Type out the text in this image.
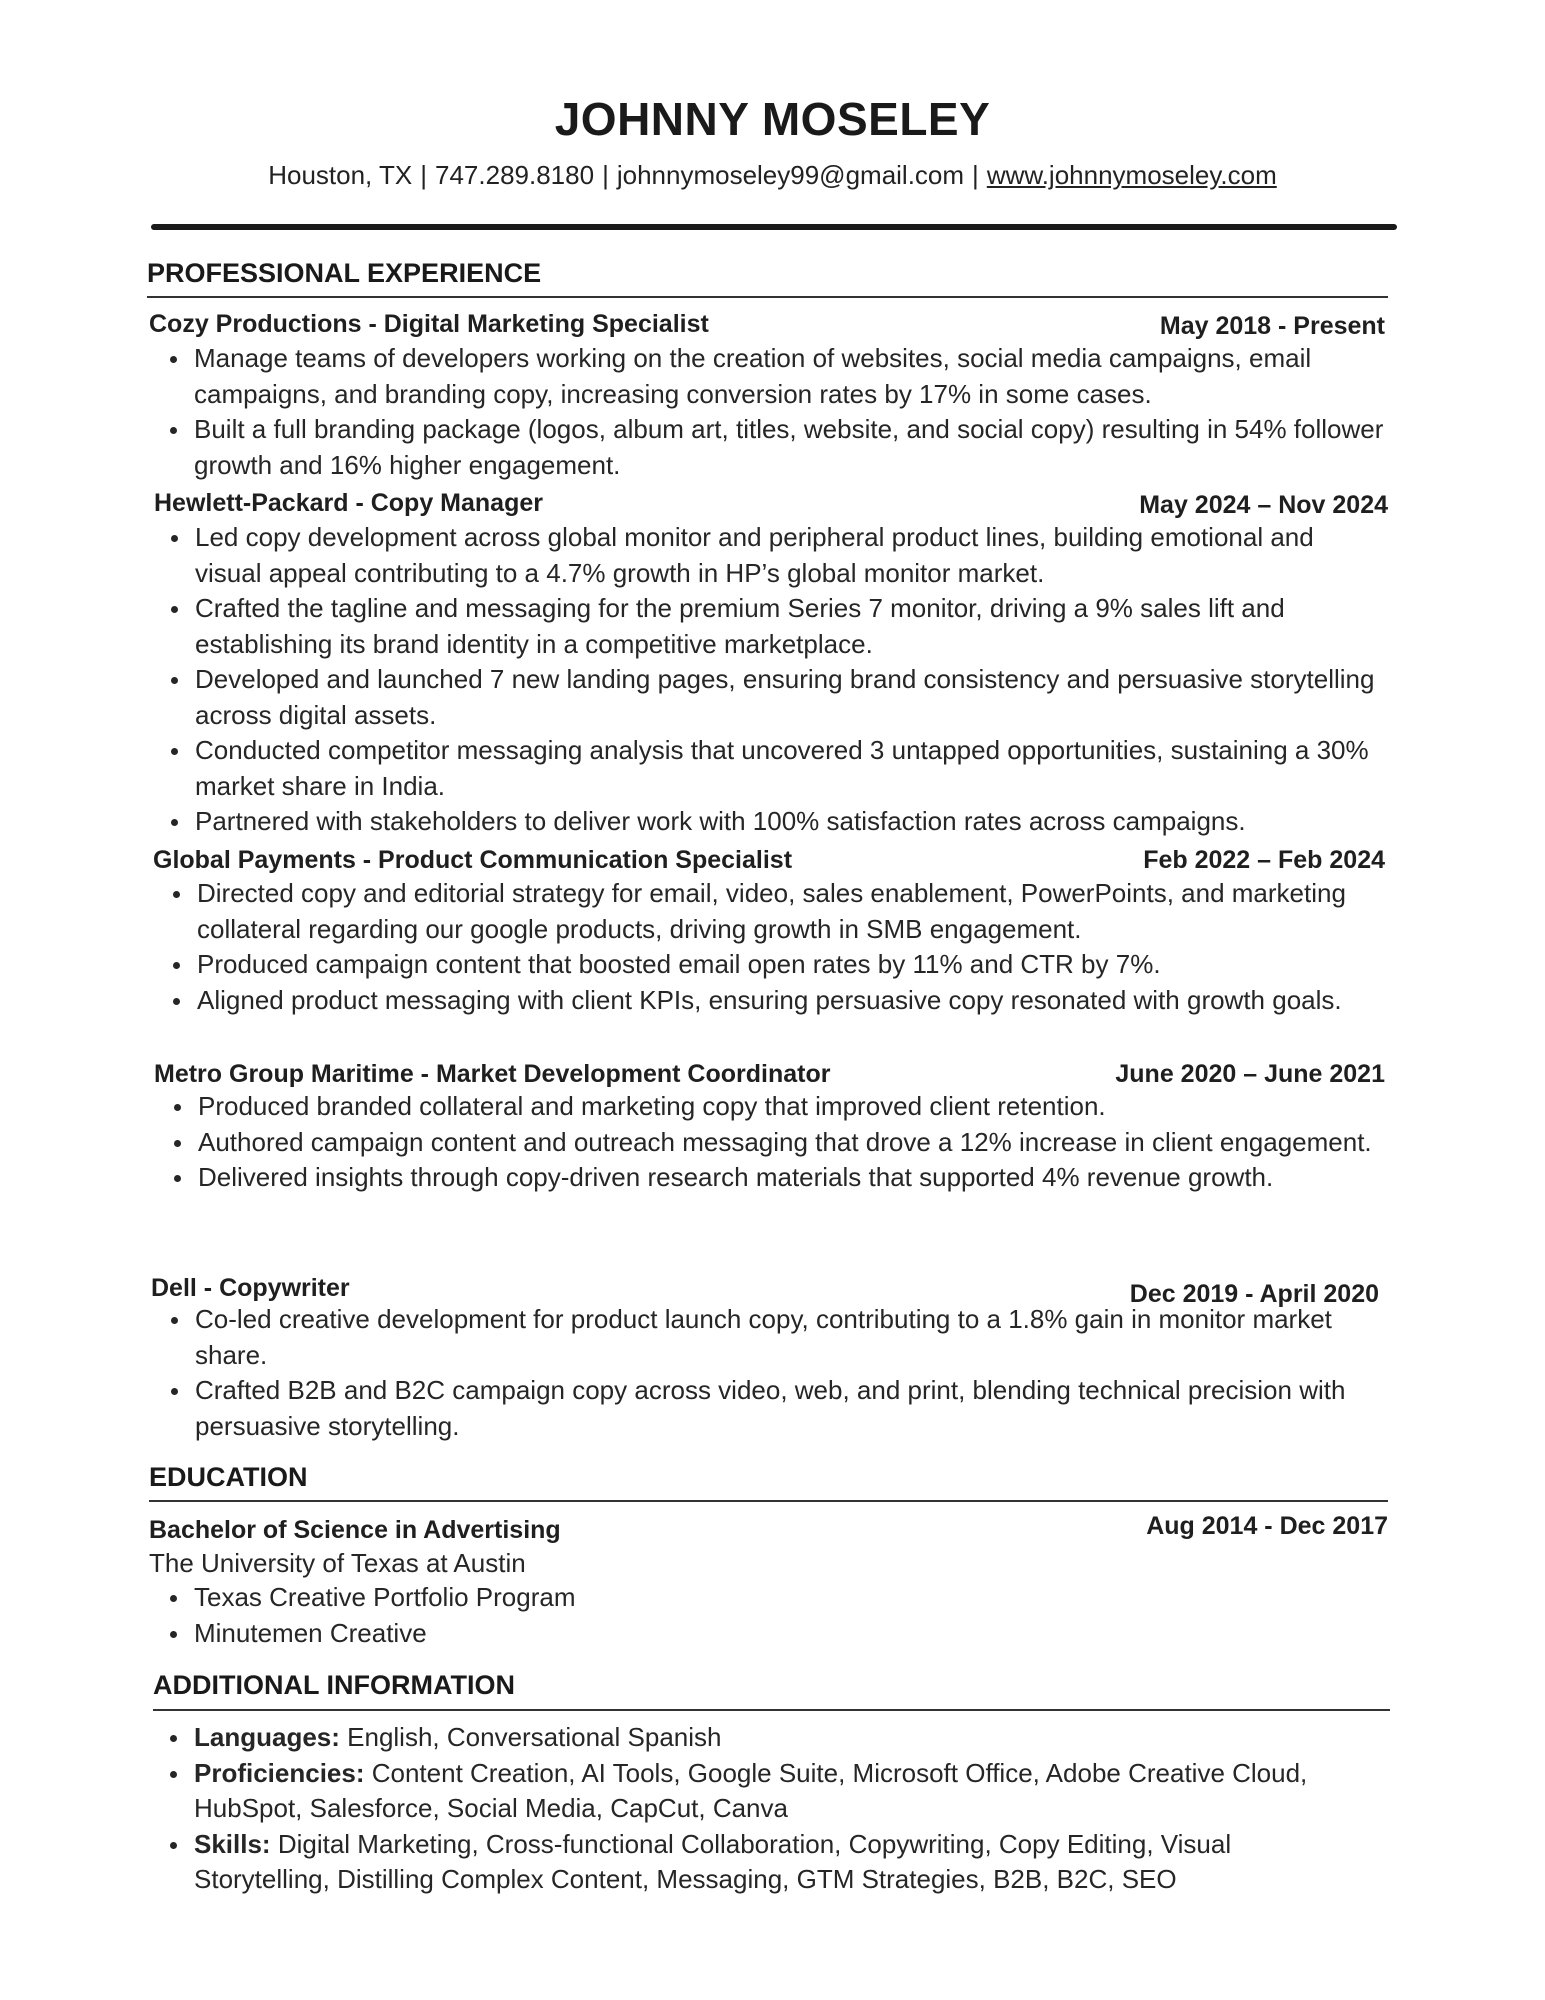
JOHNNY MOSELEY
Houston, TX | 747.289.8180 | johnnymoseley99@gmail.com | www.johnnymoseley.com
PROFESSIONAL EXPERIENCE
Cozy Productions - Digital Marketing Specialist	May 2018 - Present
Manage teams of developers working on the creation of websites, social media campaigns, email campaigns, and branding copy, increasing conversion rates by 17% in some cases.
Built a full branding package (logos, album art, titles, website, and social copy) resulting in 54% follower growth and 16% higher engagement.
Hewlett-Packard - Copy Manager	May 2024 – Nov 2024
Led copy development across global monitor and peripheral product lines, building emotional and visual appeal contributing to a 4.7% growth in HP’s global monitor market.
Crafted the tagline and messaging for the premium Series 7 monitor, driving a 9% sales lift and establishing its brand identity in a competitive marketplace.
Developed and launched 7 new landing pages, ensuring brand consistency and persuasive storytelling across digital assets.
Conducted competitor messaging analysis that uncovered 3 untapped opportunities, sustaining a 30% market share in India.
Partnered with stakeholders to deliver work with 100% satisfaction rates across campaigns.
Global Payments - Product Communication Specialist	Feb 2022 – Feb 2024
Directed copy and editorial strategy for email, video, sales enablement, PowerPoints, and marketing collateral regarding our google products, driving growth in SMB engagement.
Produced campaign content that boosted email open rates by 11% and CTR by 7%.
Aligned product messaging with client KPIs, ensuring persuasive copy resonated with growth goals.
Metro Group Maritime - Market Development Coordinator	June 2020 – June 2021
Produced branded collateral and marketing copy that improved client retention.
Authored campaign content and outreach messaging that drove a 12% increase in client engagement.
Delivered insights through copy-driven research materials that supported 4% revenue growth.
Dell - Copywriter	Dec 2019 - April 2020
Co-led creative development for product launch copy, contributing to a 1.8% gain in monitor market share.
Crafted B2B and B2C campaign copy across video, web, and print, blending technical precision with persuasive storytelling.
EDUCATION
Bachelor of Science in Advertising	Aug 2014 - Dec 2017
The University of Texas at Austin
Texas Creative Portfolio Program
Minutemen Creative
ADDITIONAL INFORMATION
Languages: English, Conversational Spanish
Proficiencies: Content Creation, AI Tools, Google Suite, Microsoft Office, Adobe Creative Cloud, HubSpot, Salesforce, Social Media, CapCut, Canva
Skills: Digital Marketing, Cross-functional Collaboration, Copywriting, Copy Editing, Visual Storytelling, Distilling Complex Content, Messaging, GTM Strategies, B2B, B2C, SEO
